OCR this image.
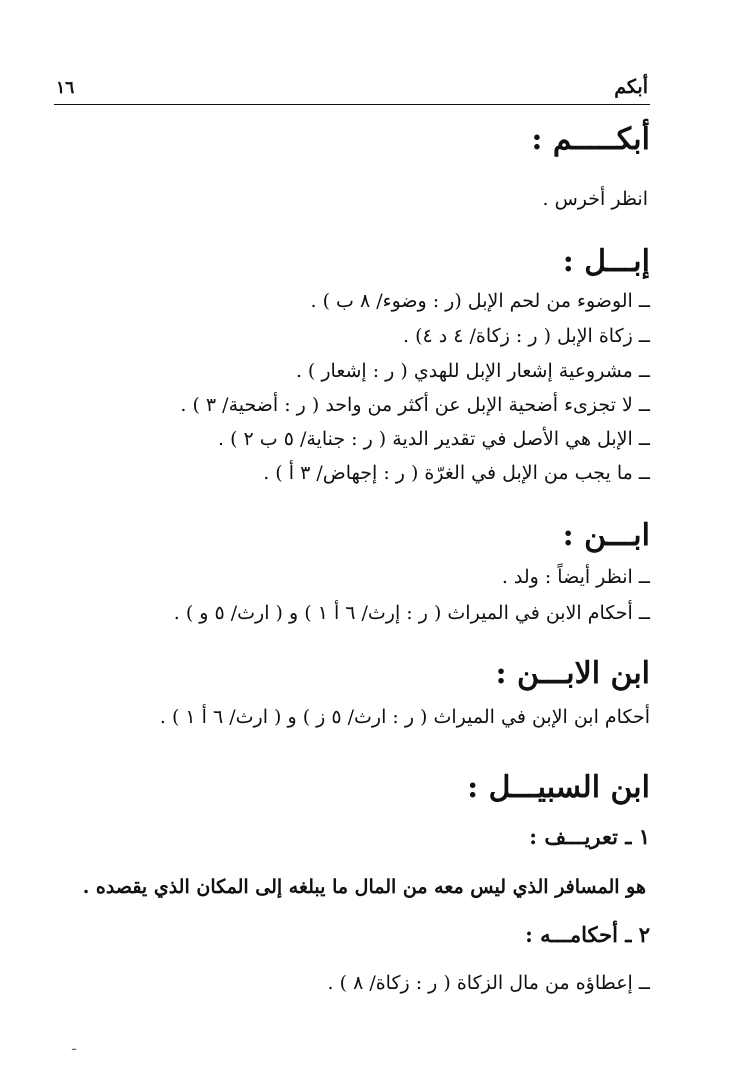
أبكم
١٦
أبكـــــم :
انظر أخرس .
إبـــل :
ــ الوضوء من لحم الإبل (ر : وضوء/ ٨ ب ) .
ــ زكاة الإبل ( ر : زكاة/ ٤ د ٤) .
ــ مشروعية إشعار الإبل للهدي ( ر : إشعار ) .
ــ لا تجزىء أضحية الإبل عن أكثر من واحد ( ر : أضحية/ ٣ ) .
ــ الإبل هي الأصل في تقدير الدية ( ر : جناية/ ٥ ب ٢ ) .
ــ ما يجب من الإبل في الغرّة ( ر : إجهاض/ ٣ أ ) .
ابـــن :
ــ انظر أيضاً : ولد .
ــ أحكام الابن في الميراث ( ر : إرث/ ٦ أ ١ ) و ( ارث/ ٥ و ) .
ابن الابـــن :
أحكام ابن الإبن في الميراث ( ر : ارث/ ٥ ز ) و ( ارث/ ٦ أ ١ ) .
ابن السبيـــل :
١ ـ تعريـــف :
هو المسافر الذي ليس معه من المال ما يبلغه إلى المكان الذي يقصده .
٢ ـ أحكامـــه :
ــ إعطاؤه من مال الزكاة ( ر : زكاة/ ٨ ) .
ـ
